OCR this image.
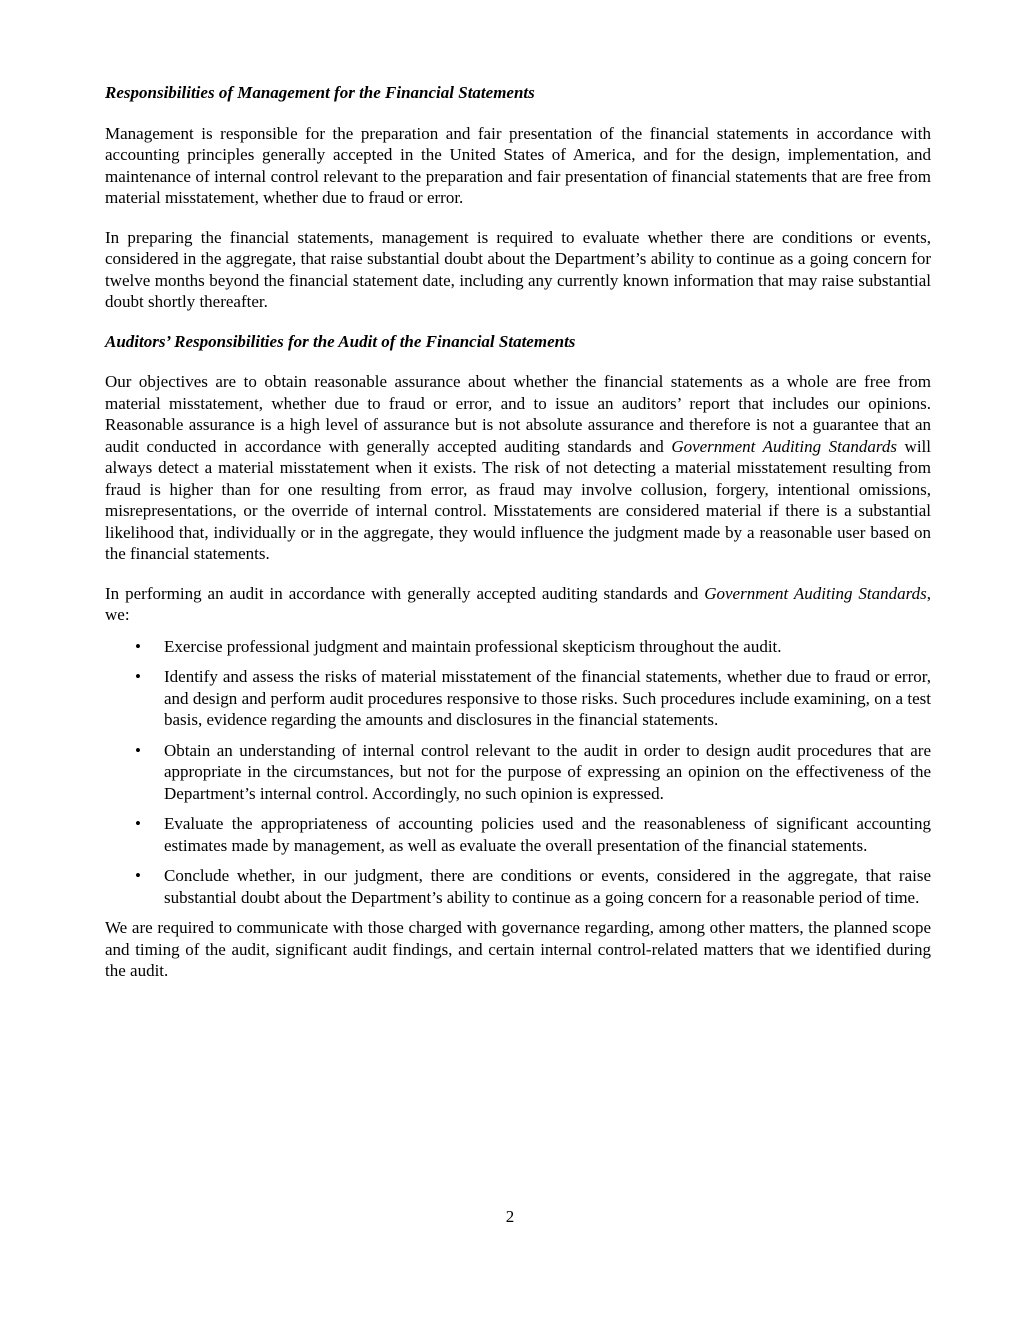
Responsibilities of Management for the Financial Statements

Management is responsible for the preparation and fair presentation of the financial statements in accordance with accounting principles generally accepted in the United States of America, and for the design, implementation, and maintenance of internal control relevant to the preparation and fair presentation of financial statements that are free from material misstatement, whether due to fraud or error.

In preparing the financial statements, management is required to evaluate whether there are conditions or events, considered in the aggregate, that raise substantial doubt about the Department’s ability to continue as a going concern for twelve months beyond the financial statement date, including any currently known information that may raise substantial doubt shortly thereafter.

Auditors’ Responsibilities for the Audit of the Financial Statements

Our objectives are to obtain reasonable assurance about whether the financial statements as a whole are free from material misstatement, whether due to fraud or error, and to issue an auditors’ report that includes our opinions. Reasonable assurance is a high level of assurance but is not absolute assurance and therefore is not a guarantee that an audit conducted in accordance with generally accepted auditing standards and Government Auditing Standards will always detect a material misstatement when it exists. The risk of not detecting a material misstatement resulting from fraud is higher than for one resulting from error, as fraud may involve collusion, forgery, intentional omissions, misrepresentations, or the override of internal control. Misstatements are considered material if there is a substantial likelihood that, individually or in the aggregate, they would influence the judgment made by a reasonable user based on the financial statements.

In performing an audit in accordance with generally accepted auditing standards and Government Auditing Standards, we:

• Exercise professional judgment and maintain professional skepticism throughout the audit.
• Identify and assess the risks of material misstatement of the financial statements, whether due to fraud or error, and design and perform audit procedures responsive to those risks. Such procedures include examining, on a test basis, evidence regarding the amounts and disclosures in the financial statements.
• Obtain an understanding of internal control relevant to the audit in order to design audit procedures that are appropriate in the circumstances, but not for the purpose of expressing an opinion on the effectiveness of the Department’s internal control. Accordingly, no such opinion is expressed.
• Evaluate the appropriateness of accounting policies used and the reasonableness of significant accounting estimates made by management, as well as evaluate the overall presentation of the financial statements.
• Conclude whether, in our judgment, there are conditions or events, considered in the aggregate, that raise substantial doubt about the Department’s ability to continue as a going concern for a reasonable period of time.

We are required to communicate with those charged with governance regarding, among other matters, the planned scope and timing of the audit, significant audit findings, and certain internal control-related matters that we identified during the audit.

2
